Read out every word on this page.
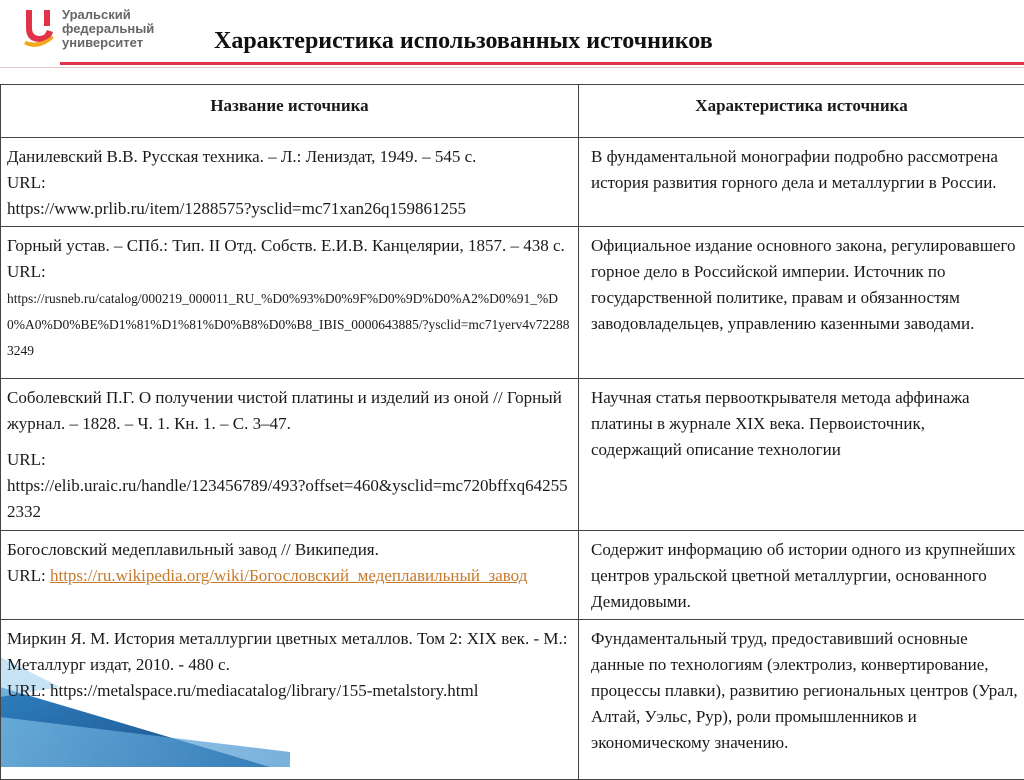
Уральский
федеральный
университет	Характеристика использованных источников
Название источника	Характеристика источника
Данилевский В.В. Русская техника. – Л.: Лениздат, 1949. – 545 с.
URL:
https://www.prlib.ru/item/1288575?ysclid=mc71xan26q159861255	В фундаментальной монографии подробно рассмотрена история развития горного дела и металлургии в России.
Горный устав. – СПб.: Тип. II Отд. Собств. Е.И.В. Канцелярии, 1857. – 438 с.
URL:
https://rusneb.ru/catalog/000219_000011_RU_%D0%93%D0%9F%D0%9D%D0%A2%D0%91_%D0%A0%D0%BE%D1%81%D1%81%D0%B8%D0%B8_IBIS_0000643885/?ysclid=mc71yerv4v722883249	Официальное издание основного закона, регулировавшего горное дело в Российской империи. Источник по государственной политике, правам и обязанностям заводовладельцев, управлению казенными заводами.
Соболевский П.Г. О получении чистой платины и изделий из оной // Горный журнал. – 1828. – Ч. 1. Кн. 1. – С. 3–47.
URL:
https://elib.uraic.ru/handle/123456789/493?offset=460&ysclid=mc720bffxq642552332	Научная статья первооткрывателя метода аффинажа платины в журнале XIX века. Первоисточник, содержащий описание технологии
Богословский медеплавильный завод // Википедия.
URL: https://ru.wikipedia.org/wiki/Богословский_медеплавильный_завод	Содержит информацию об истории одного из крупнейших центров уральской цветной металлургии, основанного Демидовыми.
Миркин Я. М. История металлургии цветных металлов. Том 2: XIX век. - М.: Металлург издат, 2010. - 480 с.
URL: https://metalspace.ru/mediacatalog/library/155-metalstory.html	Фундаментальный труд, предоставивший основные данные по технологиям (электролиз, конвертирование, процессы плавки), развитию региональных центров (Урал, Алтай, Уэльс, Рур), роли промышленников и экономическому значению.
